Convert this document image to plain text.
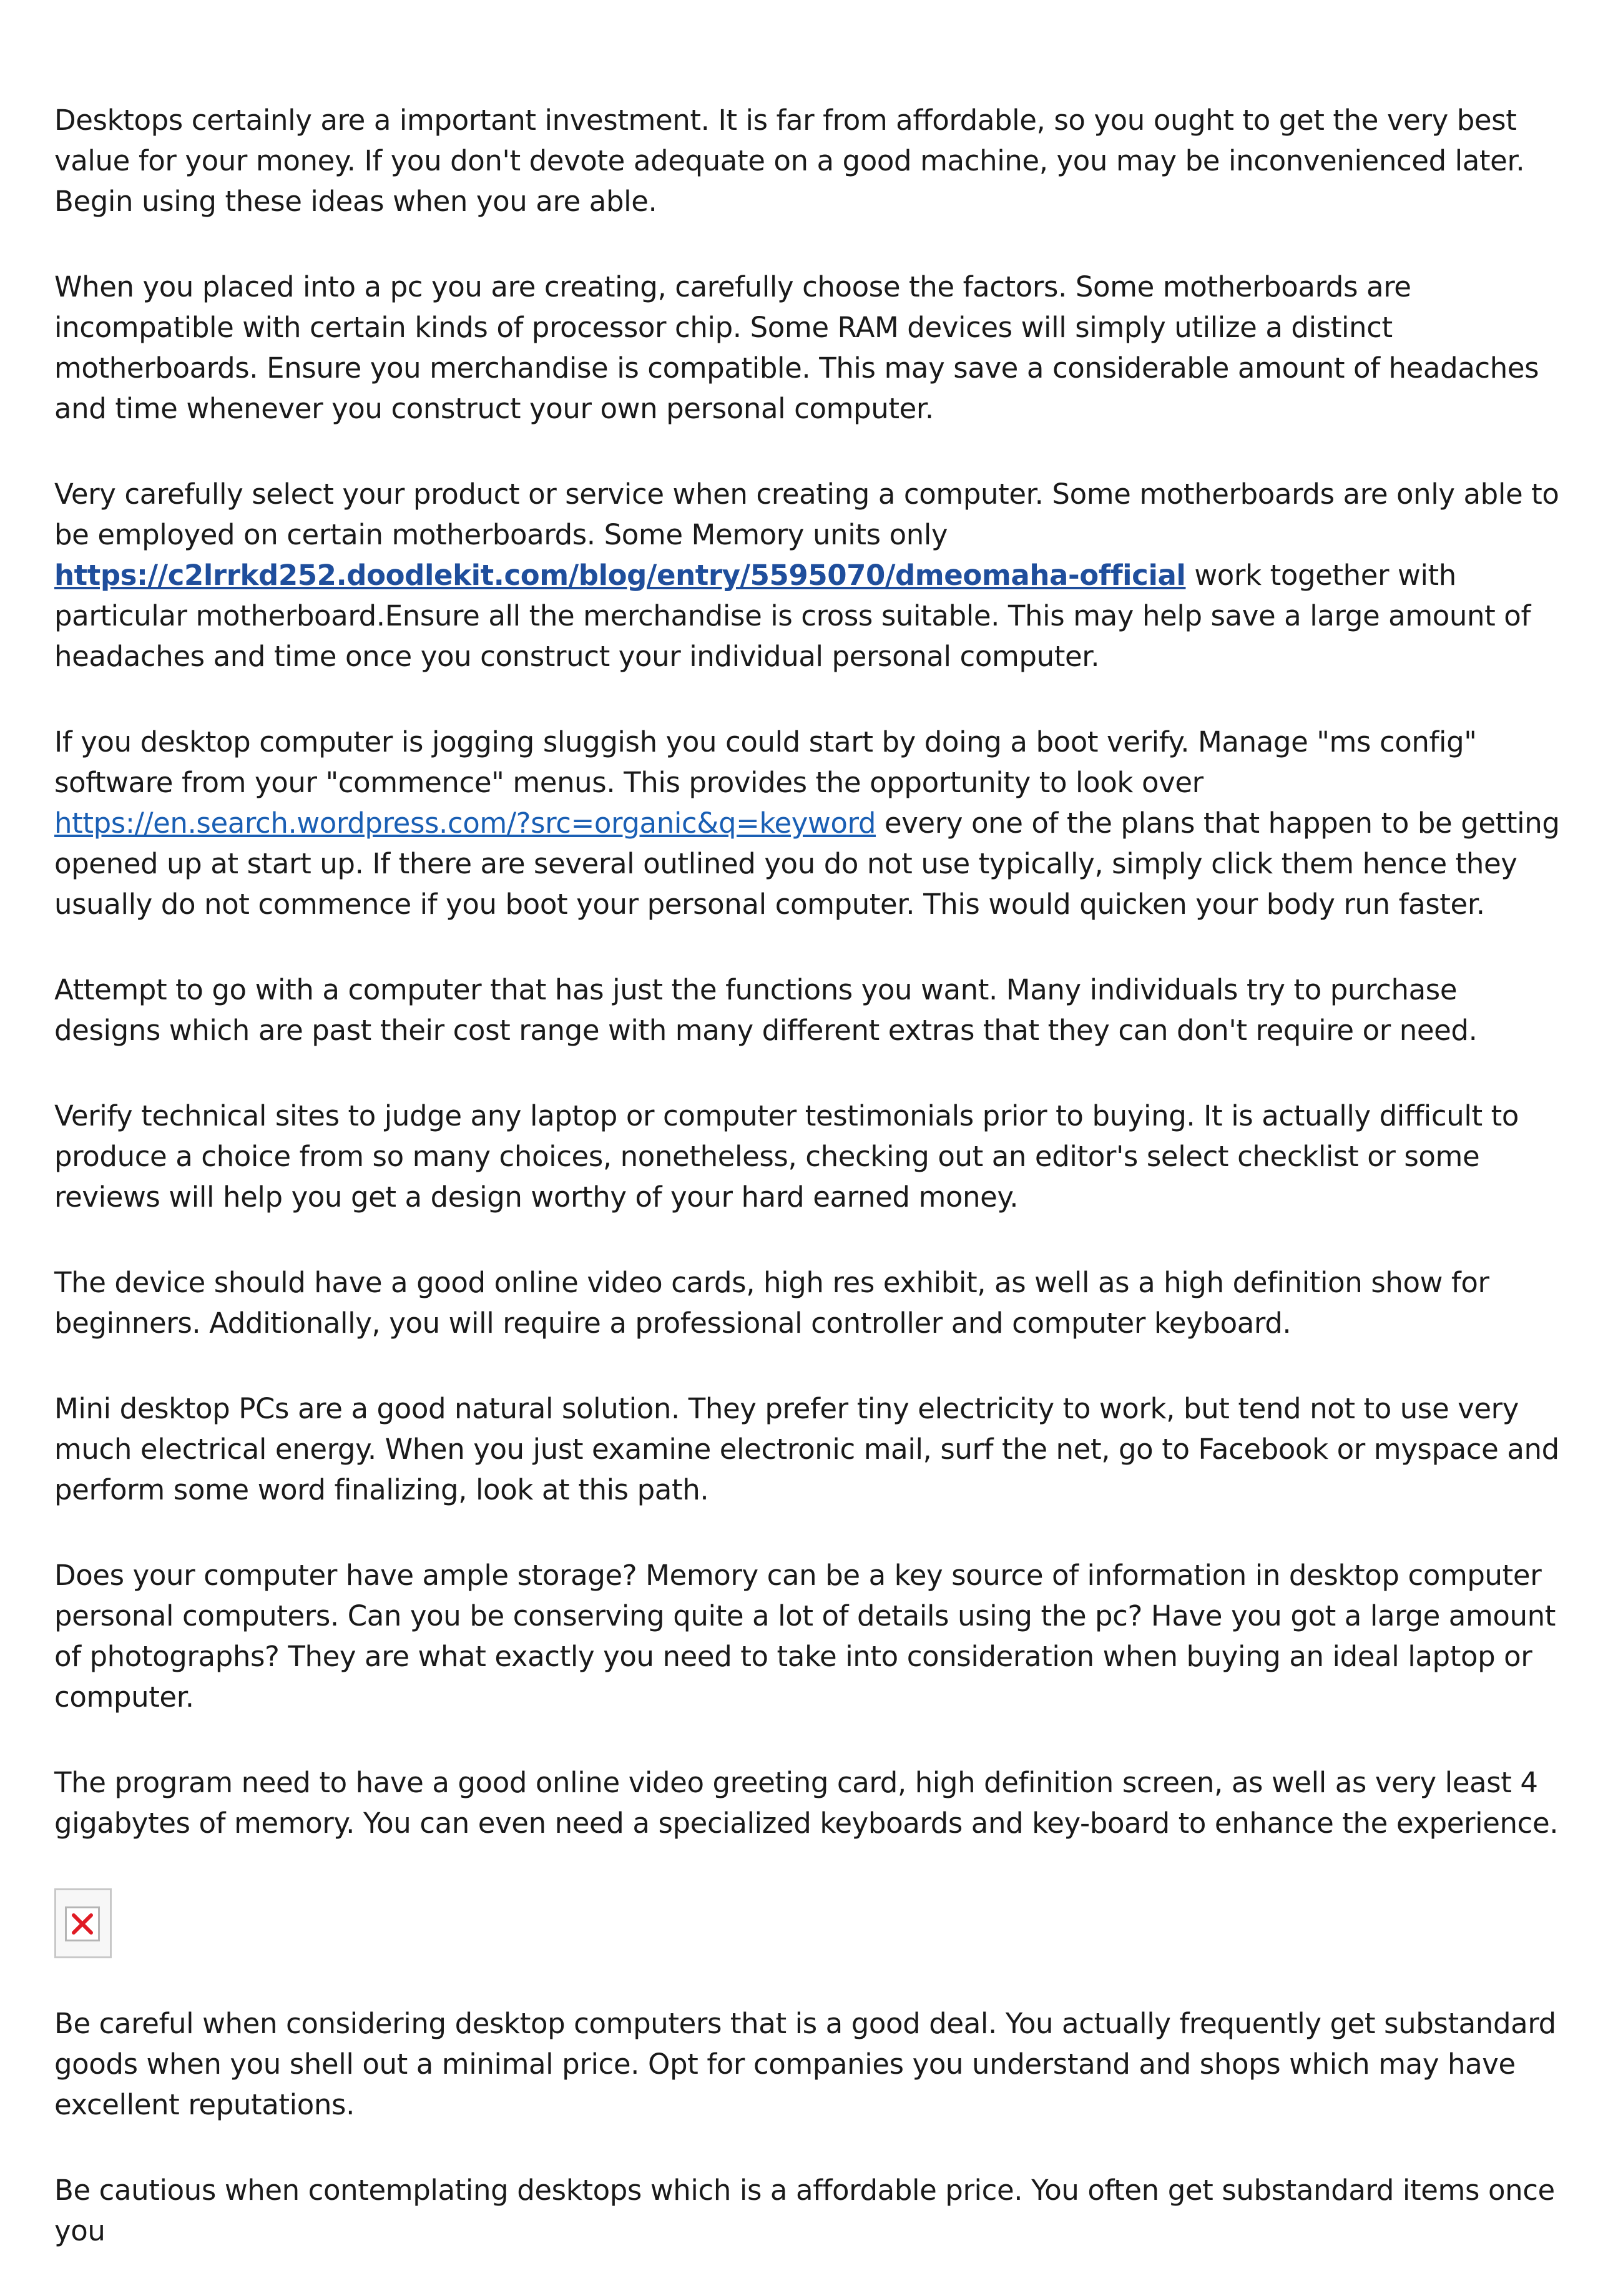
Desktops certainly are a important investment. It is far from affordable, so you ought to get the very best value for your money. If you don't devote adequate on a good machine, you may be inconvenienced later. Begin using these ideas when you are able.

When you placed into a pc you are creating, carefully choose the factors. Some motherboards are incompatible with certain kinds of processor chip. Some RAM devices will simply utilize a distinct motherboards. Ensure you merchandise is compatible. This may save a considerable amount of headaches and time whenever you construct your own personal computer.

Very carefully select your product or service when creating a computer. Some motherboards are only able to be employed on certain motherboards. Some Memory units only https://c2lrrkd252.doodlekit.com/blog/entry/5595070/dmeomaha-official work together with particular motherboard.Ensure all the merchandise is cross suitable. This may help save a large amount of headaches and time once you construct your individual personal computer.

If you desktop computer is jogging sluggish you could start by doing a boot verify. Manage "ms config" software from your "commence" menus. This provides the opportunity to look over https://en.search.wordpress.com/?src=organic&q=keyword every one of the plans that happen to be getting opened up at start up. If there are several outlined you do not use typically, simply click them hence they usually do not commence if you boot your personal computer. This would quicken your body run faster.

Attempt to go with a computer that has just the functions you want. Many individuals try to purchase designs which are past their cost range with many different extras that they can don't require or need.

Verify technical sites to judge any laptop or computer testimonials prior to buying. It is actually difficult to produce a choice from so many choices, nonetheless, checking out an editor's select checklist or some reviews will help you get a design worthy of your hard earned money.

The device should have a good online video cards, high res exhibit, as well as a high definition show for beginners. Additionally, you will require a professional controller and computer keyboard.

Mini desktop PCs are a good natural solution. They prefer tiny electricity to work, but tend not to use very much electrical energy. When you just examine electronic mail, surf the net, go to Facebook or myspace and perform some word finalizing, look at this path.

Does your computer have ample storage? Memory can be a key source of information in desktop computer personal computers. Can you be conserving quite a lot of details using the pc? Have you got a large amount of photographs? They are what exactly you need to take into consideration when buying an ideal laptop or computer.

The program need to have a good online video greeting card, high definition screen, as well as very least 4 gigabytes of memory. You can even need a specialized keyboards and key-board to enhance the experience.

Be careful when considering desktop computers that is a good deal. You actually frequently get substandard goods when you shell out a minimal price. Opt for companies you understand and shops which may have excellent reputations.

Be cautious when contemplating desktops which is a affordable price. You often get substandard items once you
